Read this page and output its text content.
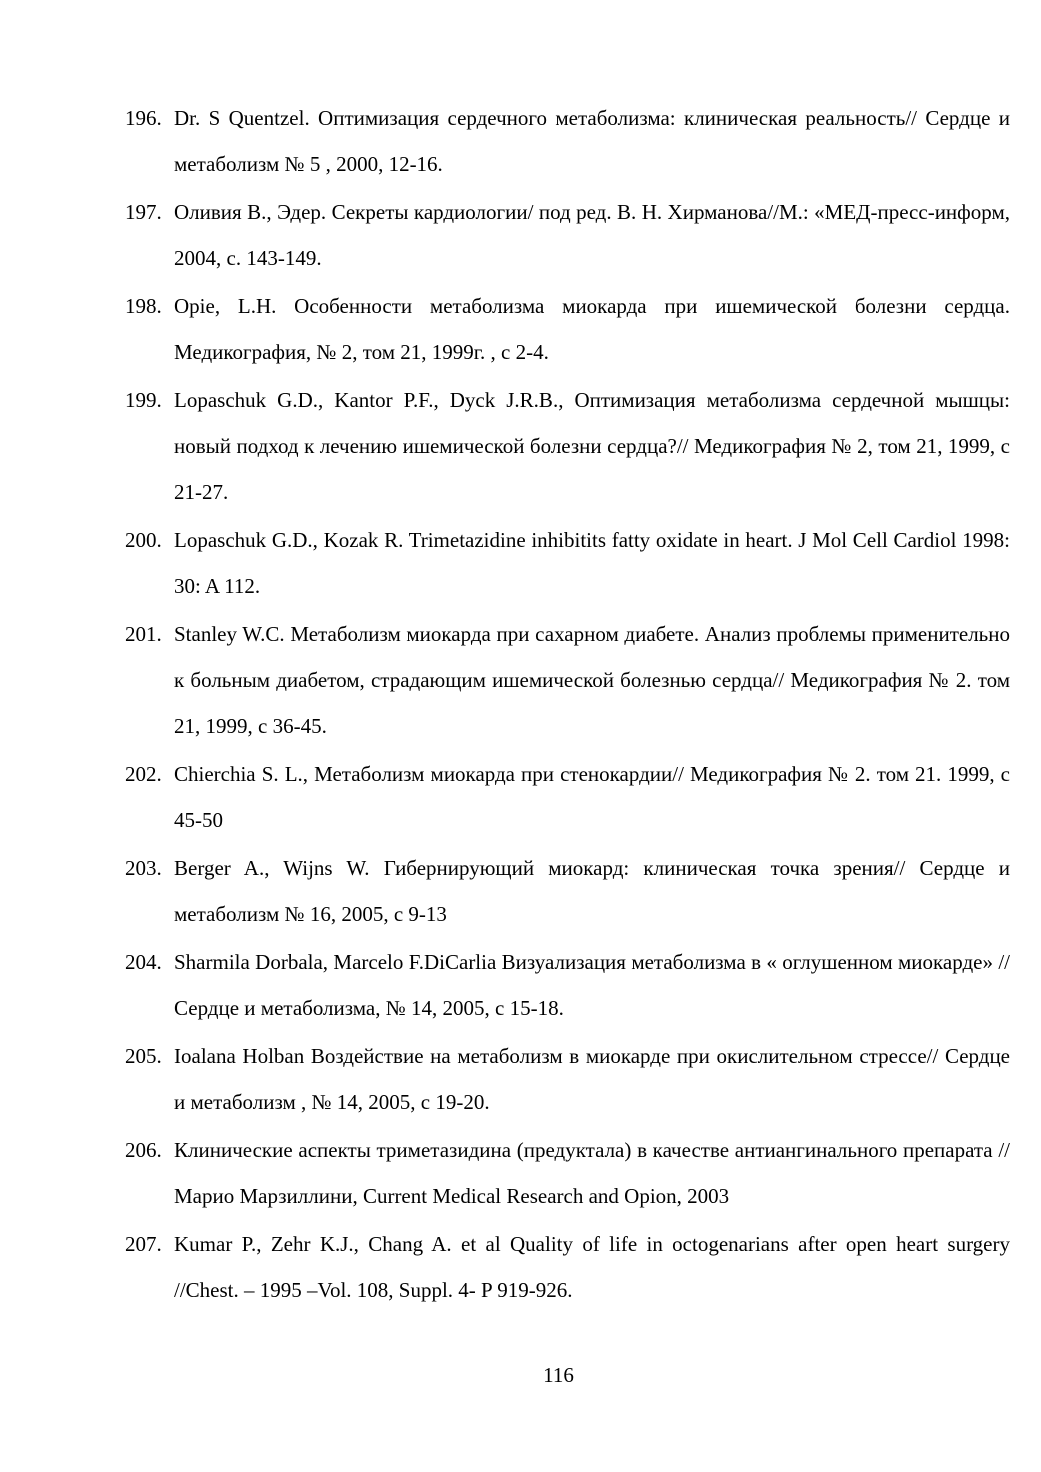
196. Dr. S Quentzel. Оптимизация сердечного метаболизма: клиническая реальность// Сердце и метаболизм № 5 , 2000, 12-16.
197. Оливия В., Эдер. Секреты кардиологии/ под ред. В. Н. Хирманова//М.: «МЕД-пресс-информ, 2004, с. 143-149.
198. Opie, L.H. Особенности метаболизма миокарда при ишемической болезни сердца. Медикография, № 2, том 21, 1999г. , с 2-4.
199. Lopaschuk G.D., Kantor P.F., Dyck J.R.B., Оптимизация метаболизма сердечной мышцы: новый подход к лечению ишемической болезни сердца?// Медикография № 2, том 21, 1999, с 21-27.
200. Lopaschuk G.D., Kozak R. Trimetazidine inhibitits fatty oxidate in heart. J Mol Cell Cardiol 1998: 30: A 112.
201. Stanley W.C. Метаболизм миокарда при сахарном диабете. Анализ проблемы применительно к больным диабетом, страдающим ишемической болезнью сердца// Медикография № 2. том 21, 1999, с 36-45.
202. Chierchia S. L., Метаболизм миокарда при стенокардии// Медикография № 2. том 21. 1999, с 45-50
203. Berger A., Wijns W. Гибернирующий миокард: клиническая точка зрения// Сердце и метаболизм № 16, 2005, с 9-13
204. Sharmila Dorbala, Marcelo F.DiCarlia Визуализация метаболизма в « оглушенном миокарде» // Сердце и метаболизма, № 14, 2005, с 15-18.
205. Ioalana Holban Воздействие на метаболизм в миокарде при окислительном стрессе// Сердце и метаболизм , № 14, 2005, с 19-20.
206. Клинические аспекты триметазидина (предуктала) в качестве антиангинального препарата // Марио Марзиллини, Current Medical Research and Opion, 2003
207. Kumar P., Zehr K.J., Chang A. et al Quality of life in octogenarians after open heart surgery //Chest. – 1995 –Vol. 108, Suppl. 4- P 919-926.
116
